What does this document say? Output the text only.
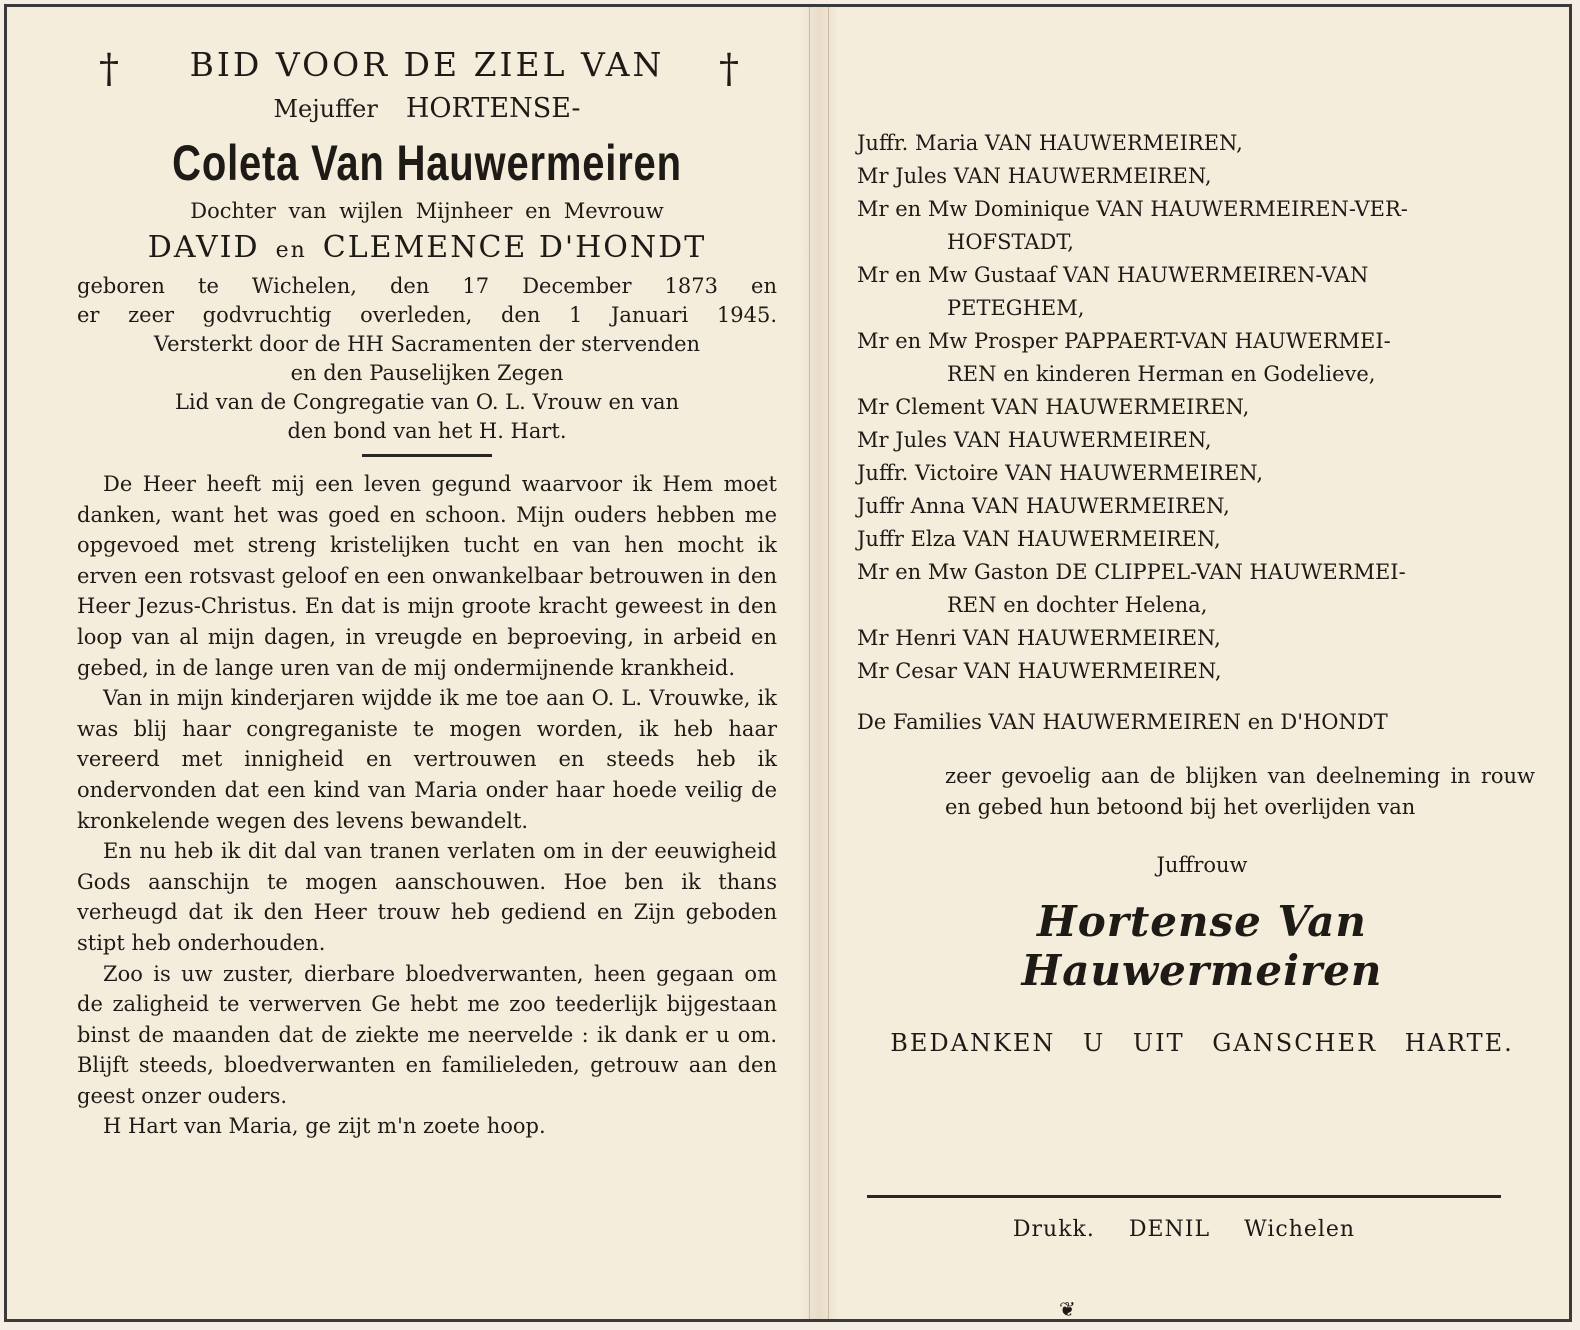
†	†
BID VOOR DE ZIEL VAN
Mejuffer HORTENSE-
Coleta Van Hauwermeiren
Dochter van wijlen Mijnheer en Mevrouw
DAVID en CLEMENCE D'HONDT
geboren te Wichelen, den 17 December 1873 en
er zeer godvruchtig overleden, den 1 Januari 1945.
Versterkt door de HH Sacramenten der stervenden
en den Pauselijken Zegen
Lid van de Congregatie van O. L. Vrouw en van
den bond van het H. Hart.

De Heer heeft mij een leven gegund waarvoor ik Hem moet danken, want het was goed en schoon. Mijn ouders hebben me opgevoed met streng kristelijken tucht en van hen mocht ik erven een rotsvast geloof en een onwankelbaar betrouwen in den Heer Jezus-Christus. En dat is mijn groote kracht geweest in den loop van al mijn dagen, in vreugde en beproeving, in arbeid en gebed, in de lange uren van de mij ondermijnende krankheid.

Van in mijn kinderjaren wijdde ik me toe aan O. L. Vrouwke, ik was blij haar congreganiste te mogen worden, ik heb haar vereerd met innigheid en vertrouwen en steeds heb ik ondervonden dat een kind van Maria onder haar hoede veilig de kronkelende wegen des levens bewandelt.

En nu heb ik dit dal van tranen verlaten om in der eeuwigheid Gods aanschijn te mogen aanschouwen. Hoe ben ik thans verheugd dat ik den Heer trouw heb gediend en Zijn geboden stipt heb onderhouden.

Zoo is uw zuster, dierbare bloedverwanten, heen gegaan om de zaligheid te verwerven Ge hebt me zoo teederlijk bijgestaan binst de maanden dat de ziekte me neervelde : ik dank er u om. Blijft steeds, bloedverwanten en familieleden, getrouw aan den geest onzer ouders.

H Hart van Maria, ge zijt m'n zoete hoop.

Juffr. Maria VAN HAUWERMEIREN,
Mr Jules VAN HAUWERMEIREN,
Mr en Mw Dominique VAN HAUWERMEIREN-VER-
HOFSTADT,
Mr en Mw Gustaaf VAN HAUWERMEIREN-VAN
PETEGHEM,
Mr en Mw Prosper PAPPAERT-VAN HAUWERMEI-
REN en kinderen Herman en Godelieve,
Mr Clement VAN HAUWERMEIREN,
Mr Jules VAN HAUWERMEIREN,
Juffr. Victoire VAN HAUWERMEIREN,
Juffr Anna VAN HAUWERMEIREN,
Juffr Elza VAN HAUWERMEIREN,
Mr en Mw Gaston DE CLIPPEL-VAN HAUWERMEI-
REN en dochter Helena,
Mr Henri VAN HAUWERMEIREN,
Mr Cesar VAN HAUWERMEIREN,
De Families VAN HAUWERMEIREN en D'HONDT
zeer gevoelig aan de blijken van deelneming in rouw en gebed hun betoond bij het overlijden van
Juffrouw
Hortense Van Hauwermeiren
BEDANKEN U UIT GANSCHER HARTE.
Drukk. DENIL Wichelen
❦
